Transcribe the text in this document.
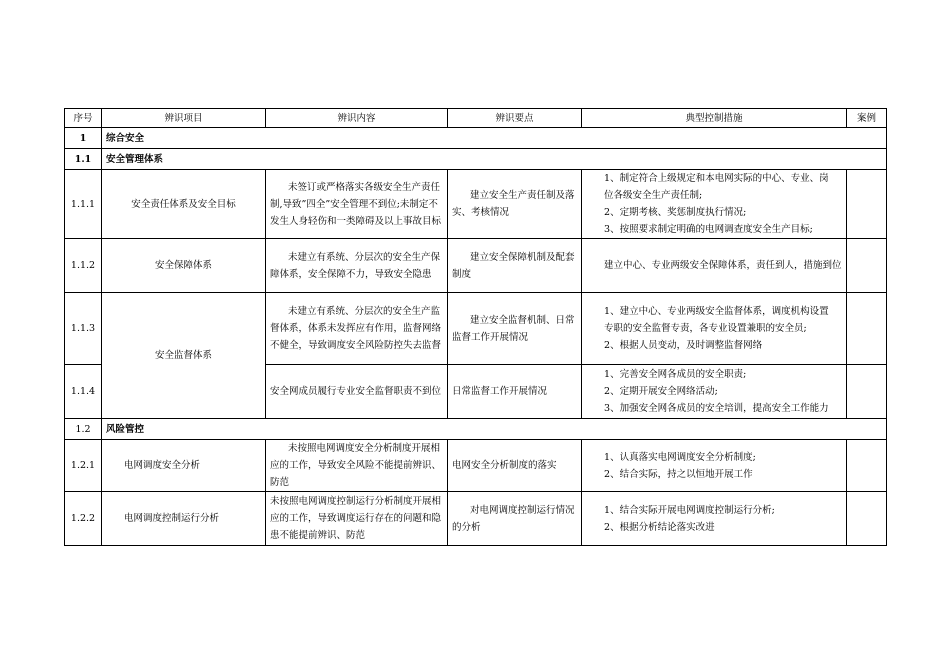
序号	辨识项目	辨识内容	辨识要点	典型控制措施	案例
1	综合安全				
1.1	安全管理体系				
1.1.1	安全责任体系及安全目标	未签订或严格落实各级安全生产责任制,导致”四全”安全管理不到位;未制定不发生人身轻伤和一类障碍及以上事故目标	建立安全生产责任制及落实、考核情况	1、制定符合上级规定和本电网实际的中心、专业、岗
位各级安全生产责任制;
2、定期考核、奖惩制度执行情况;
3、按照要求制定明确的电网调查度安全生产目标;	

1.1.2	安全保障体系	未建立有系统、分层次的安全生产保障体系，安全保障不力，导致安全隐患	建立安全保障机制及配套制度	建立中心、专业两级安全保障体系，责任到人，措施到位	
1.1.3	安全监督体系	未建立有系统、分层次的安全生产监督体系，体系未发挥应有作用，监督网络不健全，导致调度安全风险防控失去监督	建立安全监督机制、日常监督工作开展情况	1、建立中心、专业两级安全监督体系，调度机构设置
专职的安全监督专责，各专业设置兼职的安全员;
2、根据人员变动，及时调整监督网络	

1.1.4		安全网成员履行专业安全监督职责不到位	日常监督工作开展情况	1、完善安全网各成员的安全职责;
2、定期开展安全网络活动;
3、加强安全网各成员的安全培训，提高安全工作能力	

1.2	风险管控				
1.2.1	电网调度安全分析	未按照电网调度安全分析制度开展相应的工作，导致安全风险不能提前辨识、防范	电网安全分析制度的落实	1、认真落实电网调度安全分析制度;
2、结合实际，持之以恒地开展工作	

1.2.2	电网调度控制运行分析	未按照电网调度控制运行分析制度开展相应的工作，导致调度运行存在的问题和隐患不能提前辨识、防范	对电网调度控制运行情况的分析	1、结合实际开展电网调度控制运行分析;
2、根据分析结论落实改进	
